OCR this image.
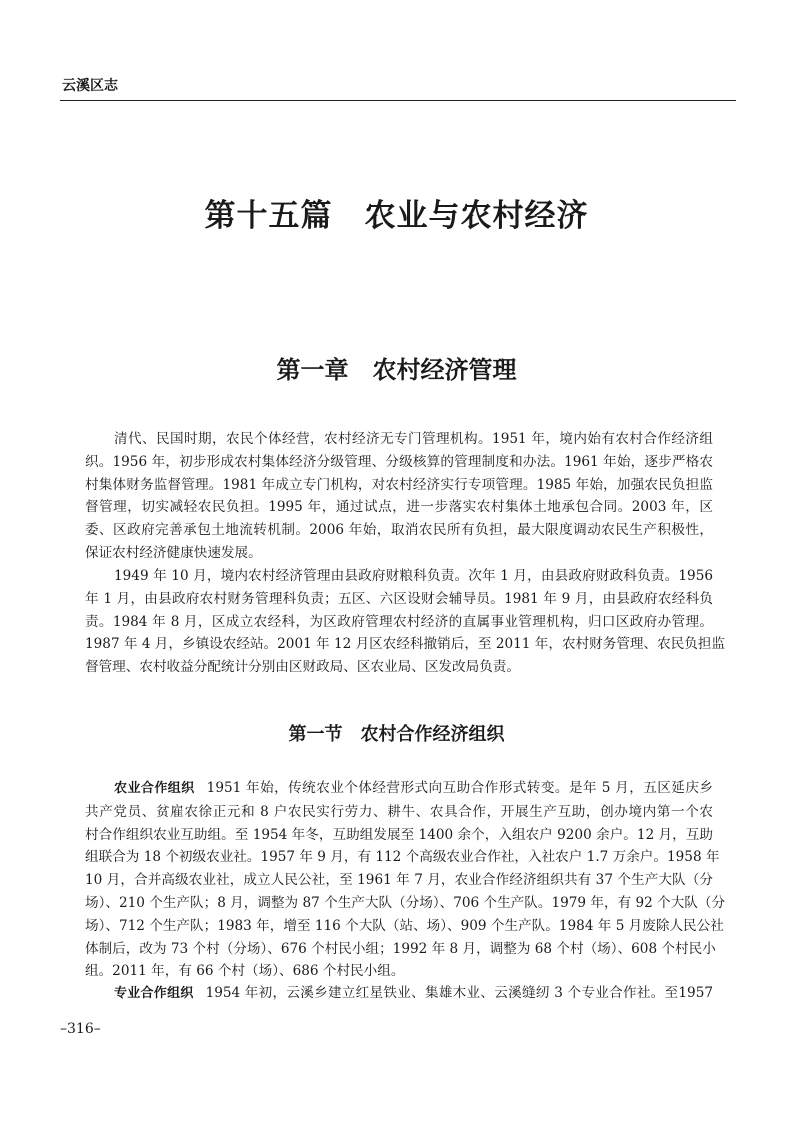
云溪区志
第十五篇　农业与农村经济
第一章　农村经济管理
清代、民国时期，农民个体经营，农村经济无专门管理机构。1951 年，境内始有农村合作经济组
织。1956 年，初步形成农村集体经济分级管理、分级核算的管理制度和办法。1961 年始，逐步严格农
村集体财务监督管理。1981 年成立专门机构，对农村经济实行专项管理。1985 年始，加强农民负担监
督管理，切实减轻农民负担。1995 年，通过试点，进一步落实农村集体土地承包合同。2003 年，区
委、区政府完善承包土地流转机制。2006 年始，取消农民所有负担，最大限度调动农民生产积极性，
保证农村经济健康快速发展。
1949 年 10 月，境内农村经济管理由县政府财粮科负责。次年 1 月，由县政府财政科负责。1956
年 1 月，由县政府农村财务管理科负责；五区、六区设财会辅导员。1981 年 9 月，由县政府农经科负
责。1984 年 8 月，区成立农经科，为区政府管理农村经济的直属事业管理机构，归口区政府办管理。
1987 年 4 月，乡镇设农经站。2001 年 12 月区农经科撤销后，至 2011 年，农村财务管理、农民负担监
督管理、农村收益分配统计分别由区财政局、区农业局、区发改局负责。
第一节　农村合作经济组织
农业合作组织 1951 年始，传统农业个体经营形式向互助合作形式转变。是年 5 月，五区延庆乡
共产党员、贫雇农徐正元和 8 户农民实行劳力、耕牛、农具合作，开展生产互助，创办境内第一个农
村合作组织农业互助组。至 1954 年冬，互助组发展至 1400 余个，入组农户 9200 余户。12 月，互助
组联合为 18 个初级农业社。1957 年 9 月，有 112 个高级农业合作社，入社农户 1.7 万余户。1958 年
10 月，合并高级农业社，成立人民公社，至 1961 年 7 月，农业合作经济组织共有 37 个生产大队（分
场）、210 个生产队；8 月，调整为 87 个生产大队（分场）、706 个生产队。1979 年，有 92 个大队（分
场）、712 个生产队；1983 年，增至 116 个大队（站、场）、909 个生产队。1984 年 5 月废除人民公社
体制后，改为 73 个村（分场）、676 个村民小组；1992 年 8 月，调整为 68 个村（场）、608 个村民小
组。2011 年，有 66 个村（场）、686 个村民小组。
专业合作组织 1954 年初，云溪乡建立红星铁业、集雄木业、云溪缝纫 3 个专业合作社。至1957
–316–
